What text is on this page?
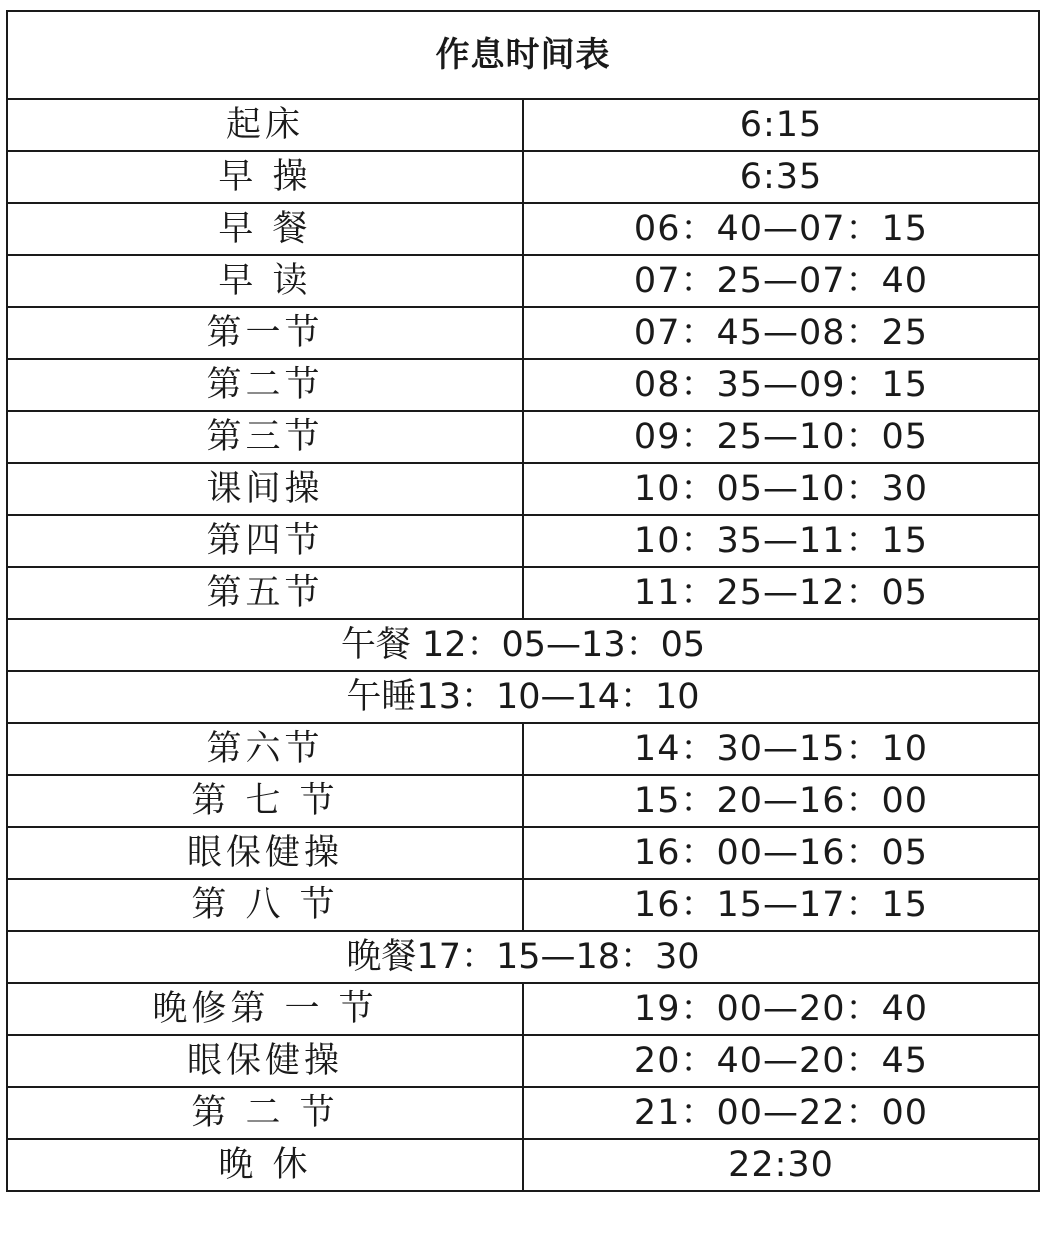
作息时间表	
起床	6:15
早 操	6:35
早 餐	06：40—07：15
早 读	07：25—07：40
第一节	07：45—08：25
第二节	08：35—09：15
第三节	09：25—10：05
课间操	10：05—10：30
第四节	10：35—11：15
第五节	11：25—12：05
午餐 12：05—13：05	
午睡13：10—14：10	
第六节	14：30—15：10
第 七 节	15：20—16：00
眼保健操	16：00—16：05
第 八 节	16：15—17：15
晚餐17：15—18：30	
晚修第 一 节	19：00—20：40
眼保健操	20：40—20：45
第 二 节	21：00—22：00
晚 休	22:30
